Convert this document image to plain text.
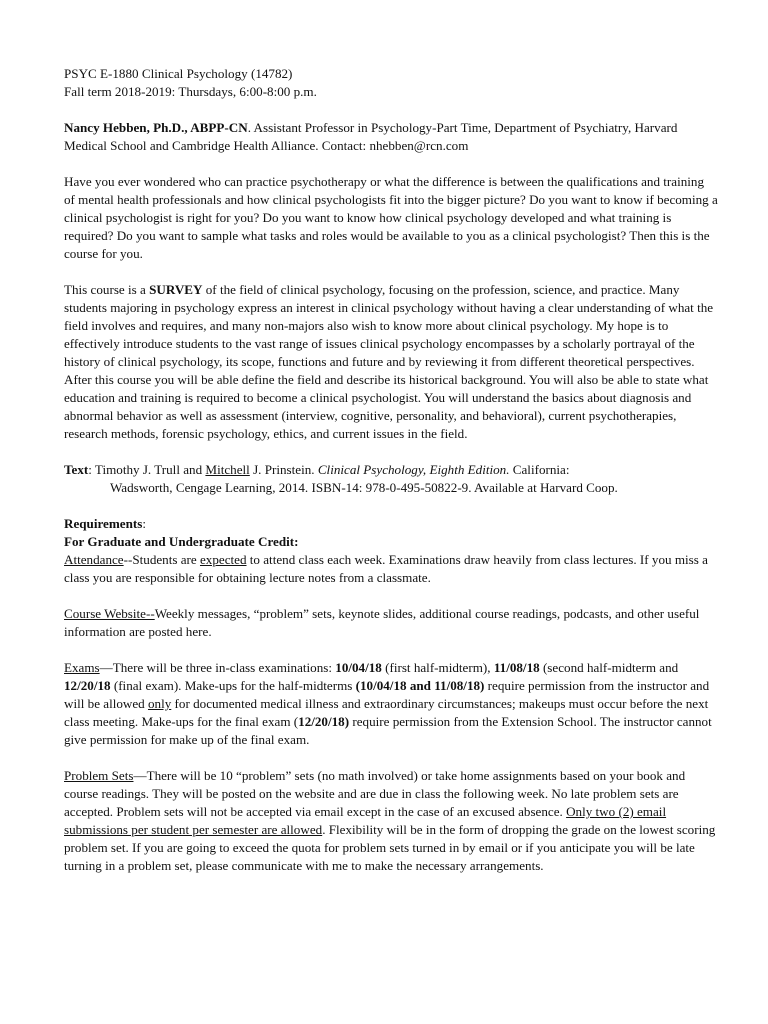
PSYC E-1880 Clinical Psychology (14782)

Fall term 2018-2019: Thursdays, 6:00-8:00 p.m.

Nancy Hebben, Ph.D., ABPP-CN. Assistant Professor in Psychology-Part Time, Department of Psychiatry, Harvard Medical School and Cambridge Health Alliance. Contact: nhebben@rcn.com

Have you ever wondered who can practice psychotherapy or what the difference is between the qualifications and training of mental health professionals and how clinical psychologists fit into the bigger picture? Do you want to know if becoming a clinical psychologist is right for you? Do you want to know how clinical psychology developed and what training is required? Do you want to sample what tasks and roles would be available to you as a clinical psychologist? Then this is the course for you.

This course is a SURVEY of the field of clinical psychology, focusing on the profession, science, and practice. Many students majoring in psychology express an interest in clinical psychology without having a clear understanding of what the field involves and requires, and many non-majors also wish to know more about clinical psychology. My hope is to effectively introduce students to the vast range of issues clinical psychology encompasses by a scholarly portrayal of the history of clinical psychology, its scope, functions and future and by reviewing it from different theoretical perspectives. After this course you will be able define the field and describe its historical background. You will also be able to state what education and training is required to become a clinical psychologist. You will understand the basics about diagnosis and abnormal behavior as well as assessment (interview, cognitive, personality, and behavioral), current psychotherapies, research methods, forensic psychology, ethics, and current issues in the field.

Text: Timothy J. Trull and Mitchell J. Prinstein. Clinical Psychology, Eighth Edition. California:

Wadsworth, Cengage Learning, 2014. ISBN-14: 978-0-495-50822-9. Available at Harvard Coop.

Requirements:

For Graduate and Undergraduate Credit:

Attendance--Students are expected to attend class each week. Examinations draw heavily from class lectures. If you miss a class you are responsible for obtaining lecture notes from a classmate.

Course Website--Weekly messages, “problem” sets, keynote slides, additional course readings, podcasts, and other useful information are posted here.

Exams—There will be three in-class examinations: 10/04/18 (first half-midterm), 11/08/18 (second half-midterm and 12/20/18 (final exam). Make-ups for the half-midterms (10/04/18 and 11/08/18) require permission from the instructor and will be allowed only for documented medical illness and extraordinary circumstances; makeups must occur before the next class meeting. Make-ups for the final exam (12/20/18) require permission from the Extension School. The instructor cannot give permission for make up of the final exam.

Problem Sets—There will be 10 “problem” sets (no math involved) or take home assignments based on your book and course readings. They will be posted on the website and are due in class the following week. No late problem sets are accepted. Problem sets will not be accepted via email except in the case of an excused absence. Only two (2) email submissions per student per semester are allowed. Flexibility will be in the form of dropping the grade on the lowest scoring problem set. If you are going to exceed the quota for problem sets turned in by email or if you anticipate you will be late turning in a problem set, please communicate with me to make the necessary arrangements.
